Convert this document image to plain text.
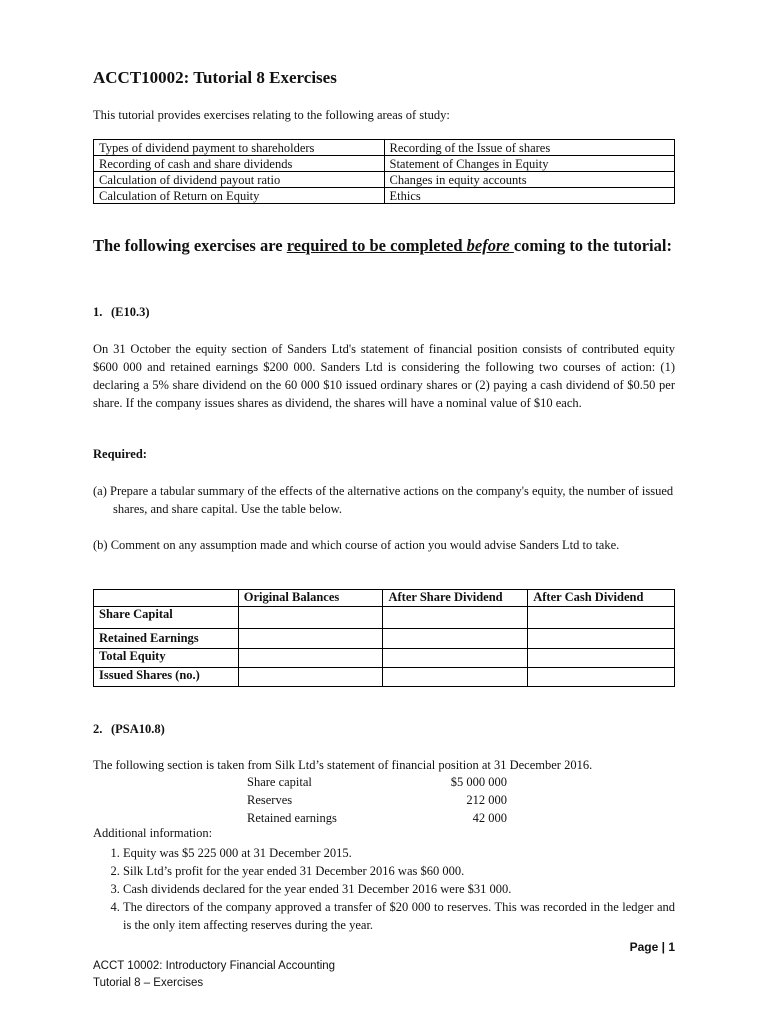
ACCT10002: Tutorial 8 Exercises
This tutorial provides exercises relating to the following areas of study:
Types of dividend payment to shareholders	Recording of the Issue of shares
Recording of cash and share dividends	Statement of Changes in Equity
Calculation of dividend payout ratio	Changes in equity accounts
Calculation of Return on Equity	Ethics
The following exercises are required to be completed before coming to the tutorial:
1. (E10.3)
On 31 October the equity section of Sanders Ltd's statement of financial position consists of contributed equity $600 000 and retained earnings $200 000. Sanders Ltd is considering the following two courses of action: (1) declaring a 5% share dividend on the 60 000 $10 issued ordinary shares or (2) paying a cash dividend of $0.50 per share. If the company issues shares as dividend, the shares will have a nominal value of $10 each.
Required:
(a) Prepare a tabular summary of the effects of the alternative actions on the company's equity, the number of issued shares, and share capital. Use the table below.
(b) Comment on any assumption made and which course of action you would advise Sanders Ltd to take.
	Original Balances	After Share Dividend	After Cash Dividend
Share Capital			
Retained Earnings			
Total Equity			
Issued Shares (no.)			
2. (PSA10.8)
The following section is taken from Silk Ltd’s statement of financial position at 31 December 2016.
Share capital	$5 000 000
Reserves	212 000
Retained earnings	42 000
Additional information:
1. Equity was $5 225 000 at 31 December 2015.
2. Silk Ltd’s profit for the year ended 31 December 2016 was $60 000.
3. Cash dividends declared for the year ended 31 December 2016 were $31 000.
4. The directors of the company approved a transfer of $20 000 to reserves. This was recorded in the ledger and is the only item affecting reserves during the year.
Page | 1
ACCT 10002: Introductory Financial Accounting
Tutorial 8 – Exercises
